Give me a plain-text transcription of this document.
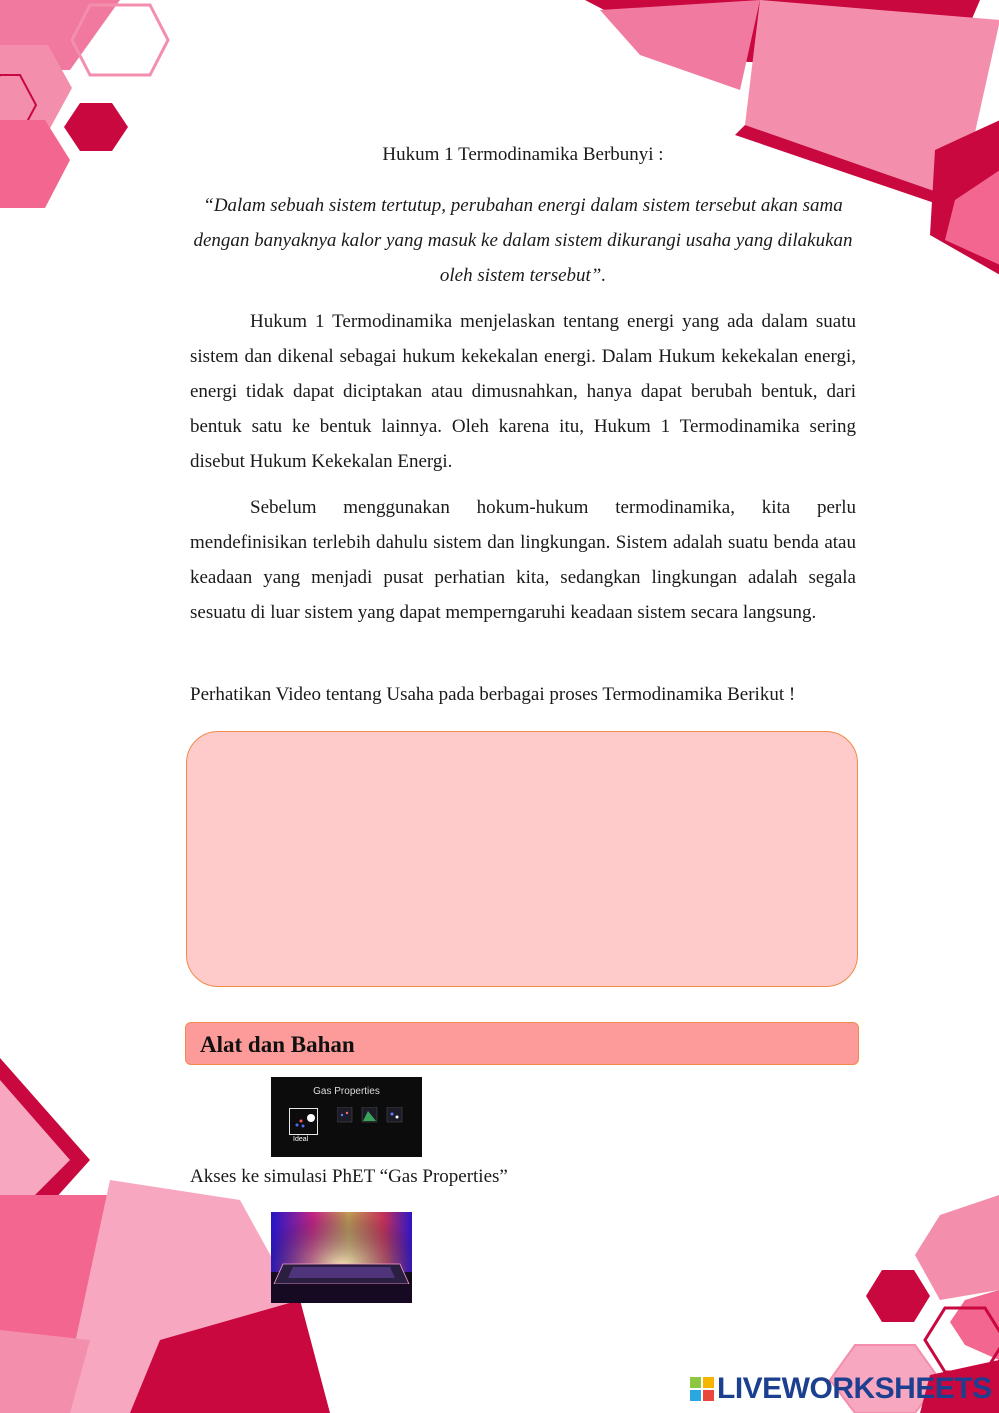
Hukum 1 Termodinamika Berbunyi :
“Dalam sebuah sistem tertutup, perubahan energi dalam sistem tersebut akan sama dengan banyaknya kalor yang masuk ke dalam sistem dikurangi usaha yang dilakukan oleh sistem tersebut”.
Hukum 1 Termodinamika menjelaskan tentang energi yang ada dalam suatu sistem dan dikenal sebagai hukum kekekalan energi. Dalam Hukum kekekalan energi, energi tidak dapat diciptakan atau dimusnahkan, hanya dapat berubah bentuk, dari bentuk satu ke bentuk lainnya. Oleh karena itu, Hukum 1 Termodinamika sering disebut Hukum Kekekalan Energi.
Sebelum menggunakan hokum-hukum termodinamika, kita perlu mendefinisikan terlebih dahulu sistem dan lingkungan. Sistem adalah suatu benda atau keadaan yang menjadi pusat perhatian kita, sedangkan lingkungan adalah segala sesuatu di luar sistem yang dapat memperngaruhi keadaan sistem secara langsung.
Perhatikan Video tentang Usaha pada berbagai proses Termodinamika Berikut !
Akses ke simulasi PhET “Gas Properties”
Alat dan Bahan
Gas Properties
Ideal
LIVEWORKSHEETS
